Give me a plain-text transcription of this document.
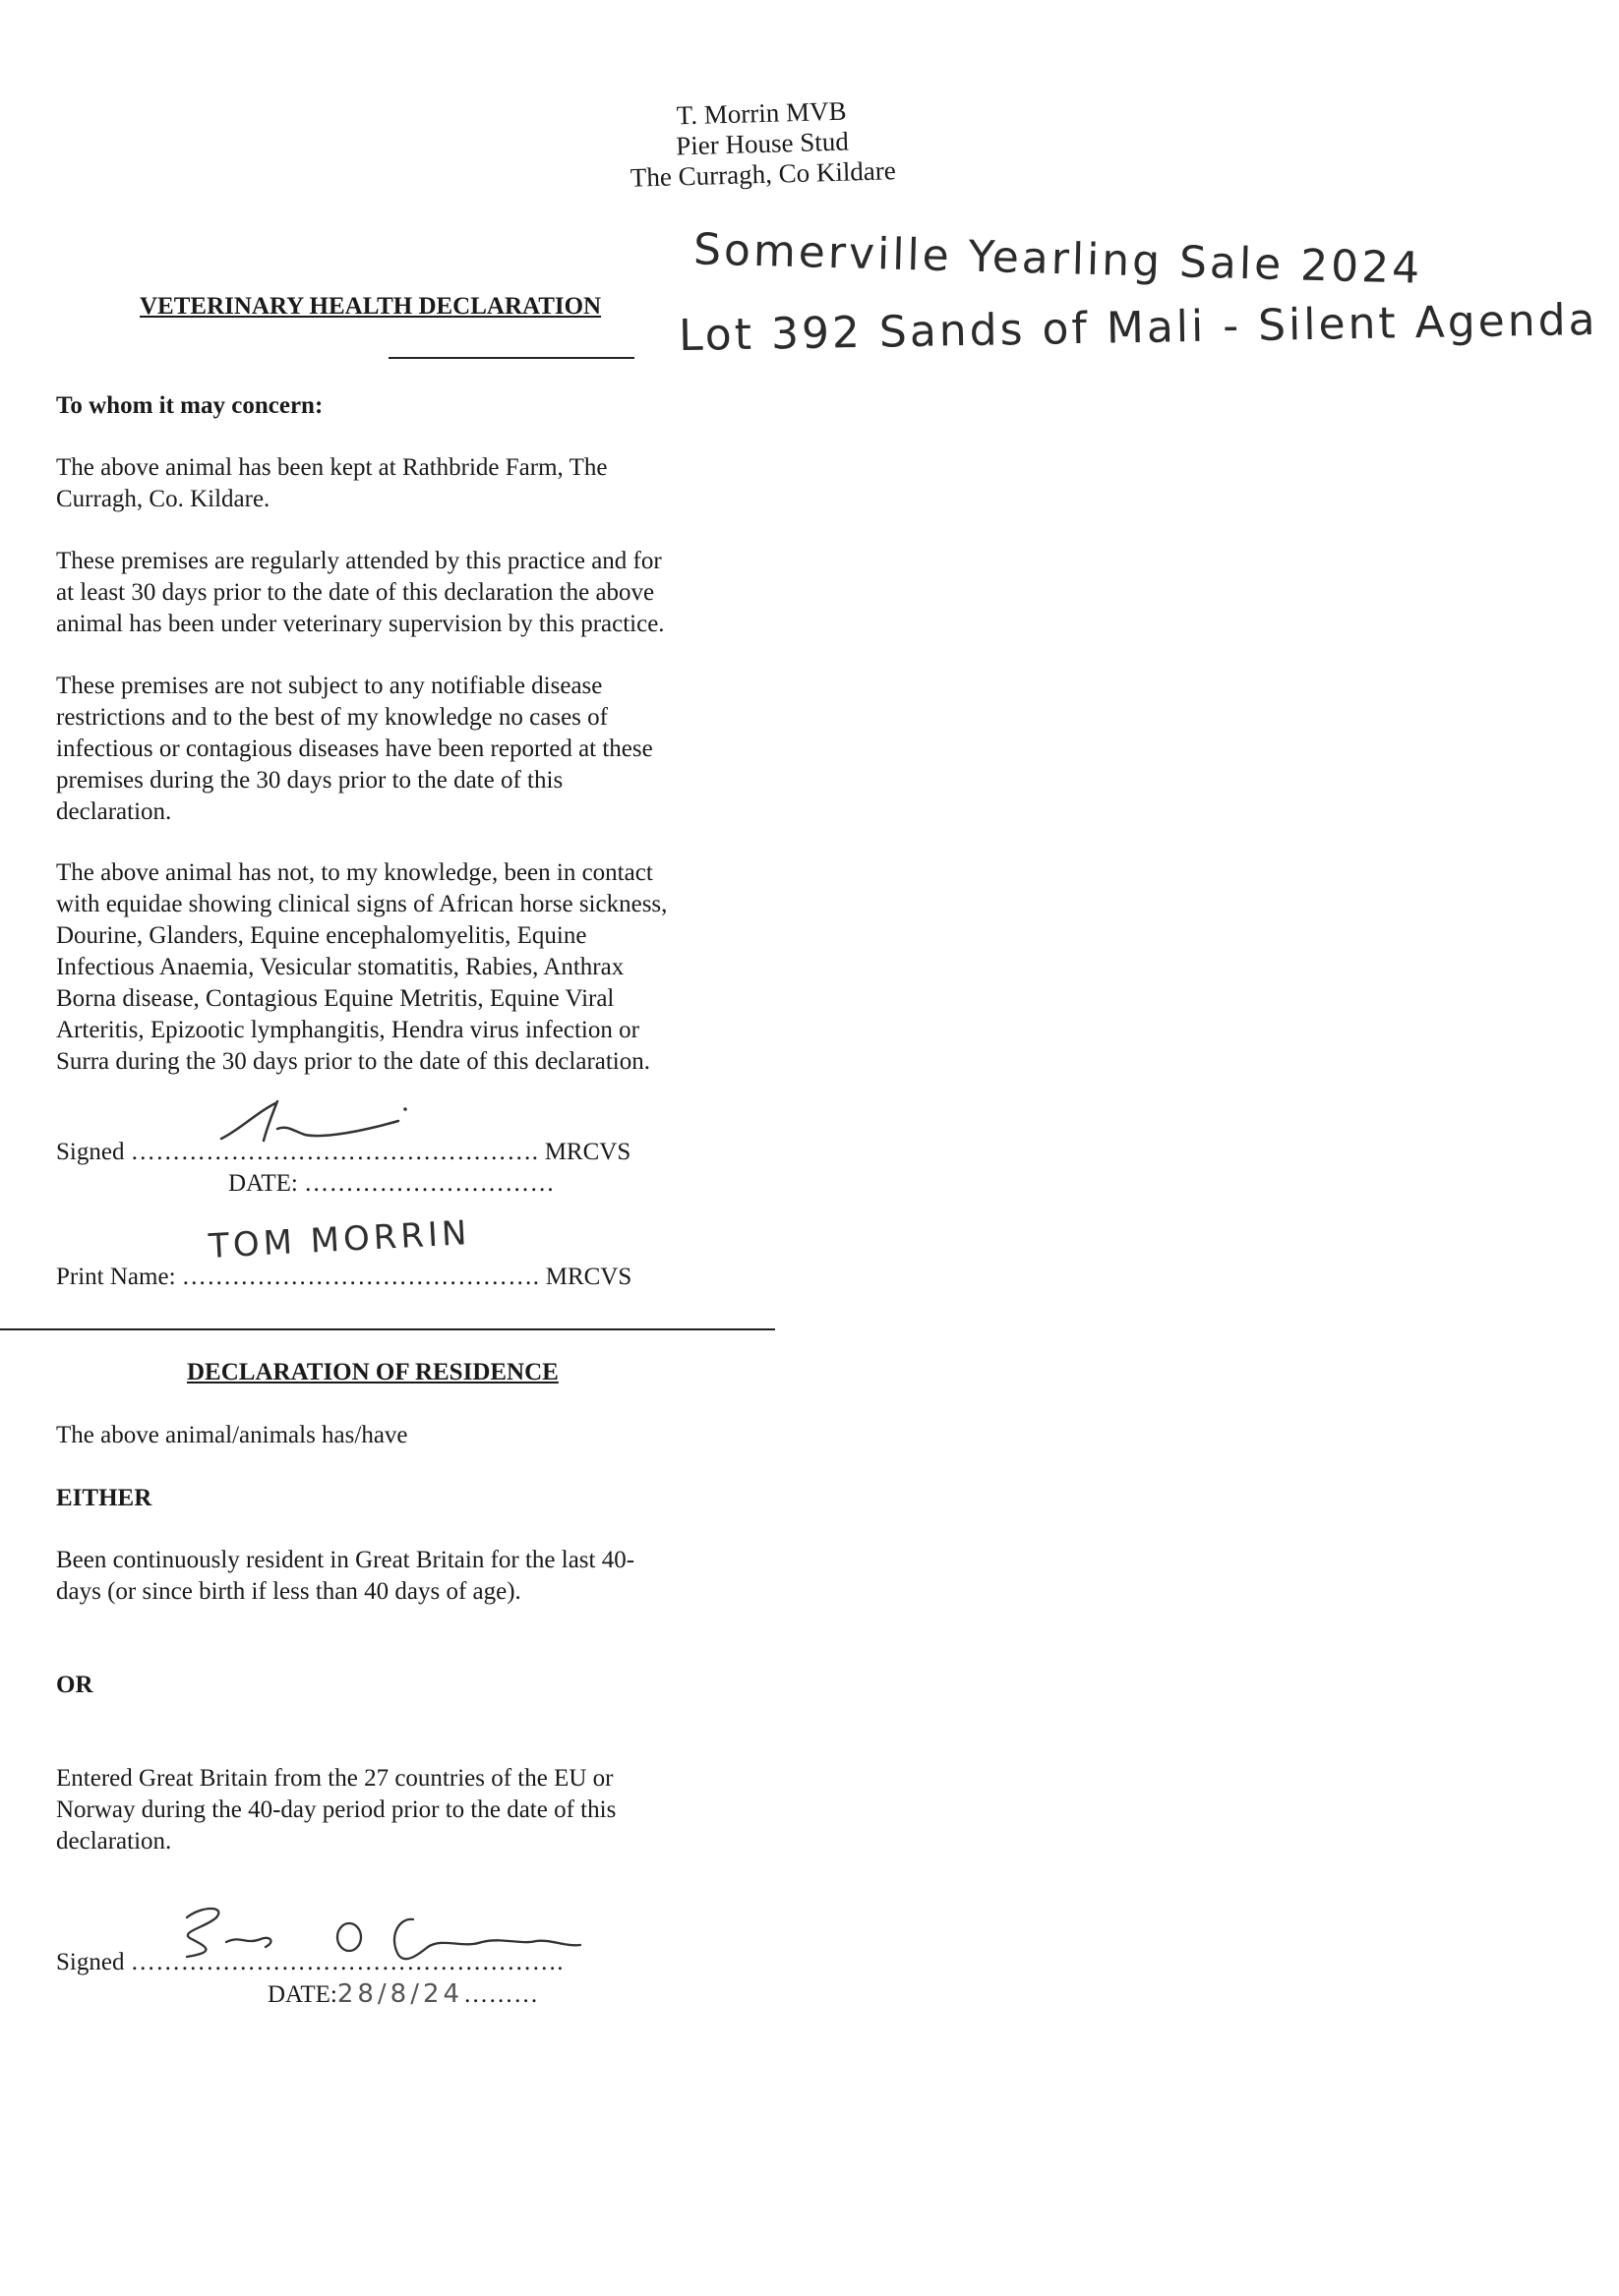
T. Morrin MVB
Pier House Stud
The Curragh, Co Kildare
VETERINARY HEALTH DECLARATION
Somerville Yearling Sale 2024
Lot 392 Sands of Mali - Silent Agenda
To whom it may concern:
The above animal has been kept at Rathbride Farm, The
Curragh, Co. Kildare.
These premises are regularly attended by this practice and for
at least 30 days prior to the date of this declaration the above
animal has been under veterinary supervision by this practice.
These premises are not subject to any notifiable disease
restrictions and to the best of my knowledge no cases of
infectious or contagious diseases have been reported at these
premises during the 30 days prior to the date of this
declaration.
The above animal has not, to my knowledge, been in contact
with equidae showing clinical signs of African horse sickness,
Dourine, Glanders, Equine encephalomyelitis, Equine
Infectious Anaemia, Vesicular stomatitis, Rabies, Anthrax
Borna disease, Contagious Equine Metritis, Equine Viral
Arteritis, Epizootic lymphangitis, Hendra virus infection or
Surra during the 30 days prior to the date of this declaration.
Signed …………………………………………. MRCVS
DATE: …………………………
TOM MORRIN
Print Name: ……………………………………. MRCVS
DECLARATION OF RESIDENCE
The above animal/animals has/have
EITHER
Been continuously resident in Great Britain for the last 40-
days (or since birth if less than 40 days of age).
OR
Entered Great Britain from the 27 countries of the EU or
Norway during the 40-day period prior to the date of this
declaration.
Signed …………………………………………….
DATE:28/8/24………
